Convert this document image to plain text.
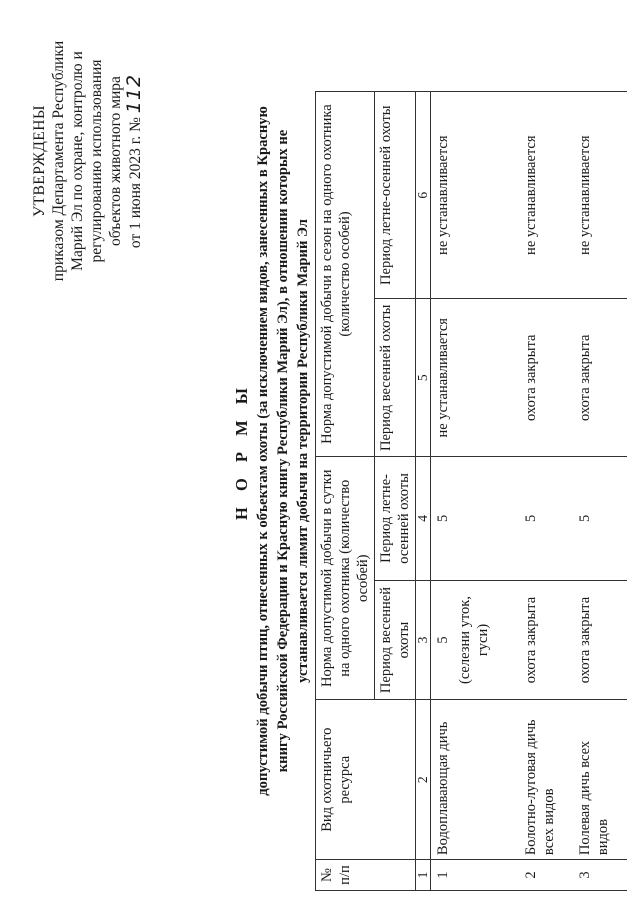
УТВЕРЖДЕНЫ приказом Департамента Республики Марий Эл по охране, контролю и регулированию использования объектов животного мира от 1 июня 2023 г. № 112
Н О Р М Ы допустимой добычи птиц, отнесенных к объектам охоты (за исключением видов, занесенных в Красную книгу Российской Федерации и Красную книгу Республики Марий Эл), в отношении которых не устанавливается лимит добычи на территории Республики Марий Эл
№ п/п	Вид охотничьего ресурса	Норма допустимой добычи в сутки на одного охотника (количество особей)		Норма допустимой добычи в сезон на одного охотника (количество особей)	
		Период весенней охоты	Период летне-осенней охоты	Период весенней охоты	Период летне-осенней охоты
1	2	3	4	5	6
1	Водоплавающая дичь	5 (селезни уток, гуси)	5	не устанавливается	не устанавливается
2	Болотно-луговая дичь всех видов	охота закрыта	5	охота закрыта	не устанавливается
3	Полевая дичь всех видов	охота закрыта	5	охота закрыта	не устанавливается
